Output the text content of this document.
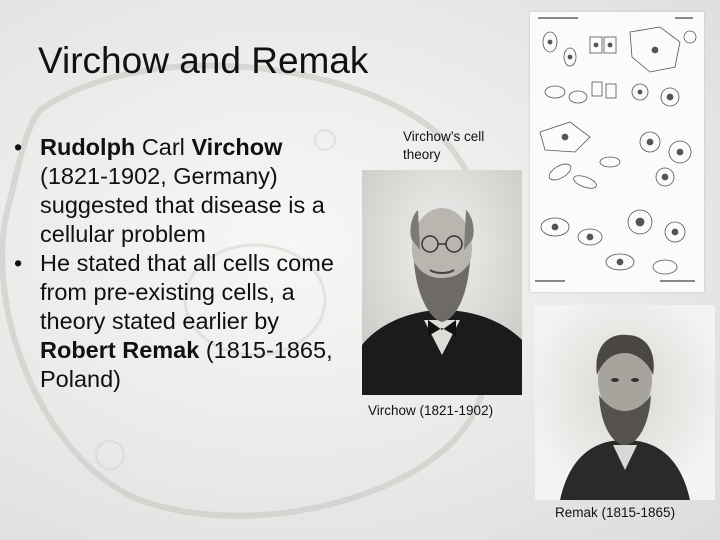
Virchow and Remak
• Rudolph Carl Virchow (1821-1902, Germany) suggested that disease is a cellular problem
• He stated that all cells come from pre-existing cells, a theory stated earlier by Robert Remak (1815-1865, Poland)
Virchow’s cell theory
Virchow (1821-1902)
Remak (1815-1865)
